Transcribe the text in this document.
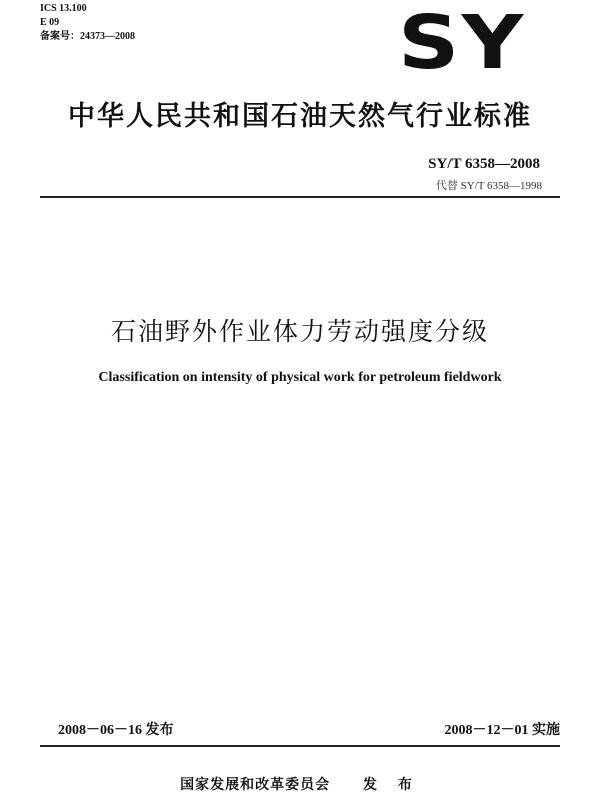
ICS 13.100
E 09
备案号：24373—2008	SY
中华人民共和国石油天然气行业标准
SY/T 6358—2008
代替 SY/T 6358—1998
石油野外作业体力劳动强度分级
Classification on intensity of physical work for petroleum fieldwork
2008－06－16 发布	2008－12－01 实施
国家发展和改革委员会 发 布
